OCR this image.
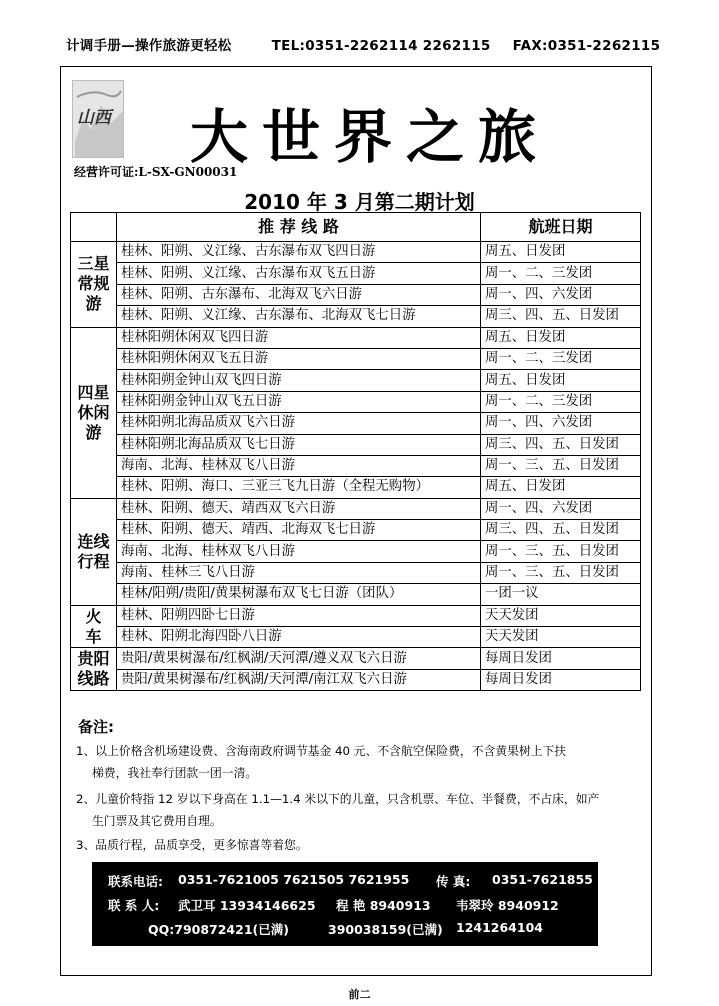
计调手册—操作旅游更轻松	TEL:0351-2262114 2262115 FAX:0351-2262115
山西 大世界之旅
经营许可证:L-SX-GN00031
2010 年 3 月第二期计划
	推 荐 线 路	航班日期

三星常规游	桂林、阳朔、义江缘、古东瀑布双飞四日游	周五、日发团
	桂林、阳朔、义江缘、古东瀑布双飞五日游	周一、二、三发团
	桂林、阳朔、古东瀑布、北海双飞六日游	周一、四、六发团
	桂林、阳朔、义江缘、古东瀑布、北海双飞七日游	周三、四、五、日发团

四星休闲游	桂林阳朔休闲双飞四日游	周五、日发团
	桂林阳朔休闲双飞五日游	周一、二、三发团
	桂林阳朔金钟山双飞四日游	周五、日发团
	桂林阳朔金钟山双飞五日游	周一、二、三发团
	桂林阳朔北海品质双飞六日游	周一、四、六发团
	桂林阳朔北海品质双飞七日游	周三、四、五、日发团
	海南、北海、桂林双飞八日游	周一、三、五、日发团
	桂林、阳朔、海口、三亚三飞九日游（全程无购物）	周五、日发团

连线行程	桂林、阳朔、德天、靖西双飞六日游	周一、四、六发团
	桂林、阳朔、德天、靖西、北海双飞七日游	周三、四、五、日发团
	海南、北海、桂林双飞八日游	周一、三、五、日发团
	海南、桂林三飞八日游	周一、三、五、日发团
	桂林/阳朔/贵阳/黄果树瀑布双飞七日游（团队）	一团一议

火车	桂林、阳朔四卧七日游	天天发团
	桂林、阳朔北海四卧八日游	天天发团

贵阳线路	贵阳/黄果树瀑布/红枫湖/天河潭/遵义双飞六日游	每周日发团
	贵阳/黄果树瀑布/红枫湖/天河潭/南江双飞六日游	每周日发团
备注:
1、以上价格含机场建设费、含海南政府调节基金 40 元、不含航空保险费，不含黄果树上下扶
梯费，我社奉行团款一团一清。
2、儿童价特指 12 岁以下身高在 1.1—1.4 米以下的儿童，只含机票、车位、半餐费，不占床，如产
生门票及其它费用自理。
3、品质行程，品质享受，更多惊喜等着您。
联系电话: 0351-7621005 7621505 7621955 传 真: 0351-7621855
联 系 人: 武卫耳 13934146625 程 艳 8940913 韦翠玲 8940912
QQ:790872421(已满)	390038159(已满) 1241264104
前二
